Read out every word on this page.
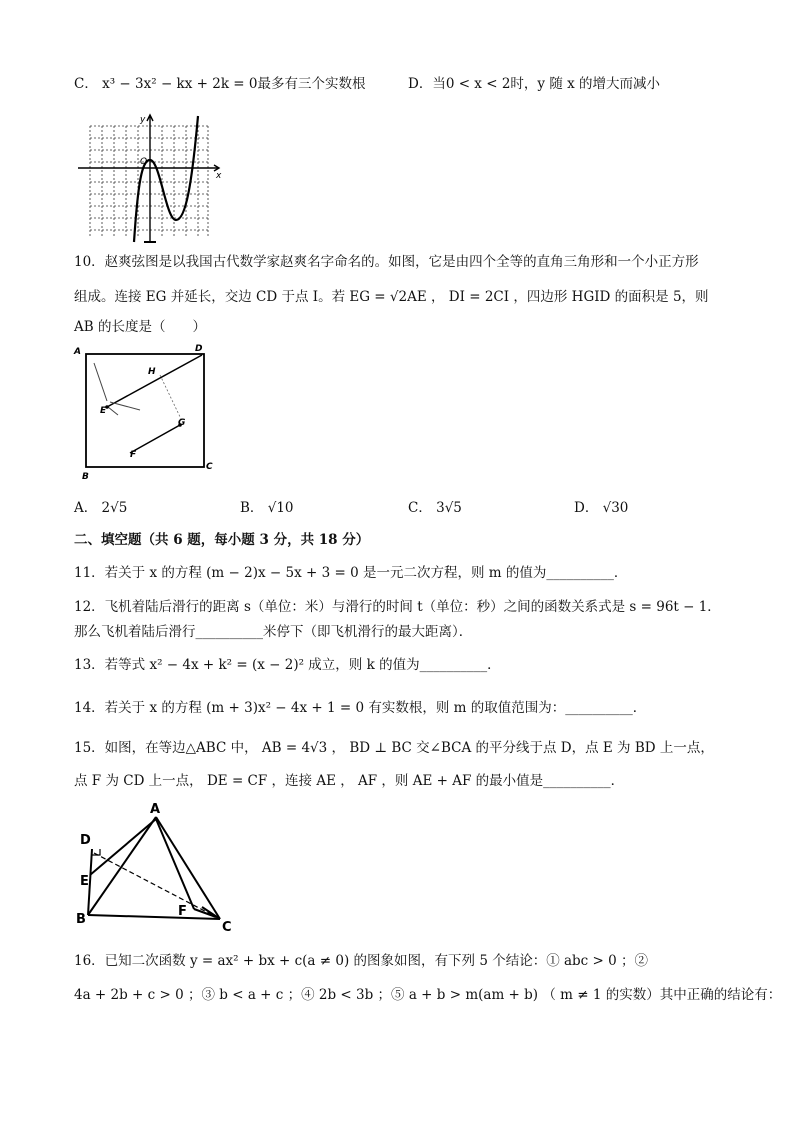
C． x³ − 3x² − kx + 2k = 0最多有三个实数根	D．当0 < x < 2时，y 随 x 的增大而减小
y
x
O
10．赵爽弦图是以我国古代数学家赵爽名字命名的。如图，它是由四个全等的直角三角形和一个小正方形
组成。连接 EG 并延长，交边 CD 于点 I。若 EG = √2AE ， DI = 2CI ，四边形 HGID 的面积是 5，则
AB 的长度是（　　）
A	D
H
E
G
F
B
C
A． 2√5	B． √10	C． 3√5	D． √30
二、填空题（共 6 题，每小题 3 分，共 18 分）
11．若关于 x 的方程 (m − 2)x − 5x + 3 = 0 是一元二次方程，则 m 的值为__________．
12．飞机着陆后滑行的距离 s（单位：米）与滑行的时间 t（单位：秒）之间的函数关系式是 s = 96t − 1．
那么飞机着陆后滑行__________米停下（即飞机滑行的最大距离）．
13．若等式 x² − 4x + k² = (x − 2)² 成立，则 k 的值为__________．
14．若关于 x 的方程 (m + 3)x² − 4x + 1 = 0 有实数根，则 m 的取值范围为：__________．
15．如图，在等边△ABC 中， AB = 4√3 ， BD ⊥ BC 交∠BCA 的平分线于点 D，点 E 为 BD 上一点，
点 F 为 CD 上一点， DE = CF ，连接 AE ， AF ，则 AE + AF 的最小值是__________．
A
D
E
B
F
C
16．已知二次函数 y = ax² + bx + c(a ≠ 0) 的图象如图，有下列 5 个结论：① abc > 0 ；②
4a + 2b + c > 0 ；③ b < a + c ；④ 2b < 3b ；⑤ a + b > m(am + b) （ m ≠ 1 的实数）其中正确的结论有：
